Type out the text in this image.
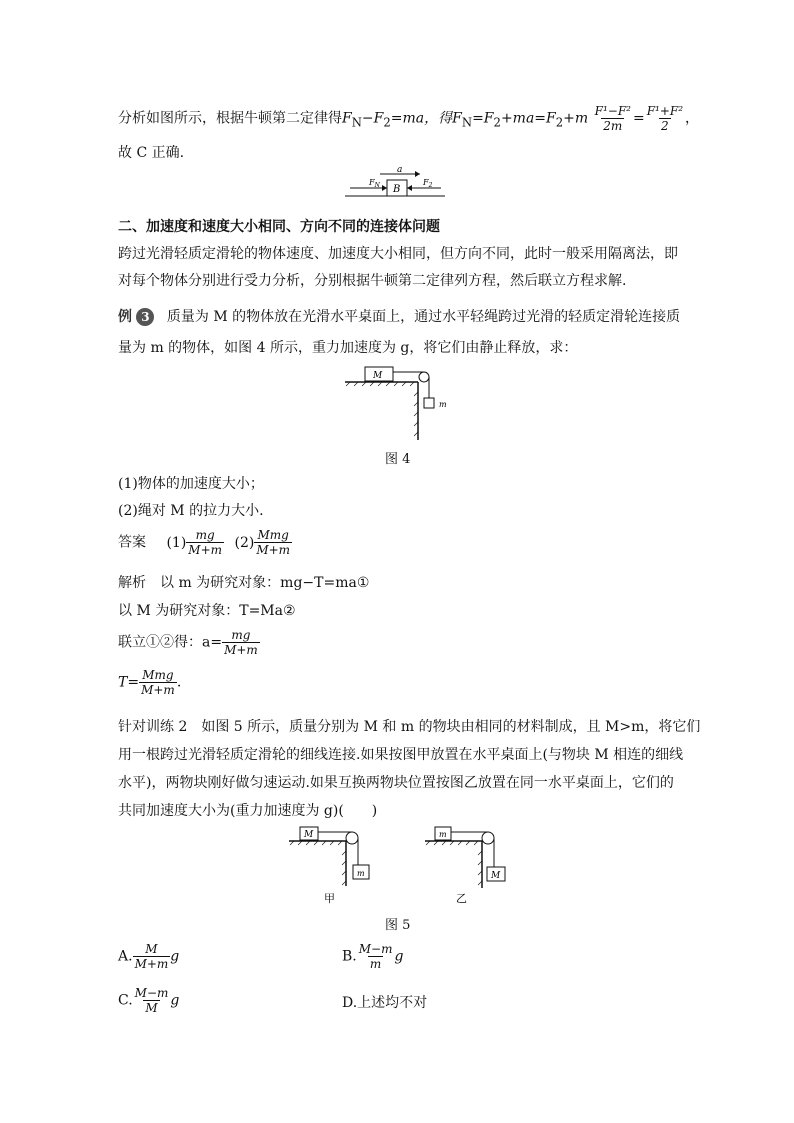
分析如图所示，根据牛顿第二定律得$F_N-F_2=ma$，得$F_N=F_2+ma=F_2+m \frac{\text{F¹−F²}}{2m} = \frac{\text{F¹+F²}}{2}$ ，
故 C 正确.
a
B
$F_N$	$F_2$
二、加速度和速度大小相同、方向不同的连接体问题
跨过光滑轻质定滑轮的物体速度、加速度大小相同，但方向不同，此时一般采用隔离法，即
对每个物体分别进行受力分析，分别根据牛顿第二定律列方程，然后联立方程求解.
例 3 质量为 M 的物体放在光滑水平桌面上，通过水平轻绳跨过光滑的轻质定滑轮连接质
量为 m 的物体，如图 4 所示，重力加速度为 g，将它们由静止释放，求：
M
m
图 4
(1)物体的加速度大小；
(2)绳对 M 的拉力大小.
答案 $(1) \frac{mg}{M+m} (2) \frac{\text{Mmg}}{M+m}$
解析　以 m 为研究对象：mg−T=ma①
以 M 为研究对象：T=Ma②
联立①②得：$a= \frac{mg}{M+m}$
$T= \frac{\text{Mmg}}{M+m}$ .
针对训练 2　如图 5 所示，质量分别为 M 和 m 的物块由相同的材料制成，且 M>m，将它们
用一根跨过光滑轻质定滑轮的细线连接.如果按图甲放置在水平桌面上(与物块 M 相连的细线
水平)，两物块刚好做匀速运动.如果互换两物块位置按图乙放置在同一水平桌面上，它们的
共同加速度大小为(重力加速度为 g)(　　)
M
m
甲
m
M
乙
图 5
A. $\frac{M}{M+m}$ g	B. $\frac{M-m}{m}$ g
C. $\frac{M-m}{M}$ g	D.上述均不对
